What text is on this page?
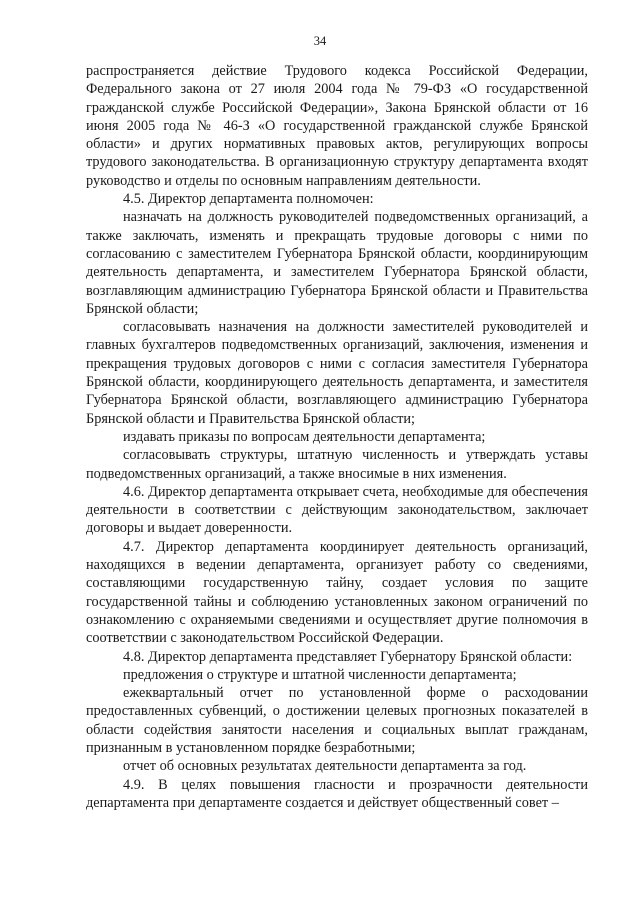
34

распространяется действие Трудового кодекса Российской Федерации, Федерального закона от 27 июля 2004 года № 79-ФЗ «О государственной гражданской службе Российской Федерации», Закона Брянской области от 16 июня 2005 года № 46-З «О государственной гражданской службе Брянской области» и других нормативных правовых актов, регулирующих вопросы трудового законодательства. В организационную структуру департамента входят руководство и отделы по основным направлениям деятельности.

4.5. Директор департамента полномочен:

назначать на должность руководителей подведомственных организаций, а также заключать, изменять и прекращать трудовые договоры с ними по согласованию с заместителем Губернатора Брянской области, координирующим деятельность департамента, и заместителем Губернатора Брянской области, возглавляющим администрацию Губернатора Брянской области и Правительства Брянской области;

согласовывать назначения на должности заместителей руководителей и главных бухгалтеров подведомственных организаций, заключения, изменения и прекращения трудовых договоров с ними с согласия заместителя Губернатора Брянской области, координирующего деятельность департамента, и заместителя Губернатора Брянской области, возглавляющего администрацию Губернатора Брянской области и Правительства Брянской области;

издавать приказы по вопросам деятельности департамента;

согласовывать структуры, штатную численность и утверждать уставы подведомственных организаций, а также вносимые в них изменения.

4.6. Директор департамента открывает счета, необходимые для обеспечения деятельности в соответствии с действующим законодательством, заключает договоры и выдает доверенности.

4.7. Директор департамента координирует деятельность организаций, находящихся в ведении департамента, организует работу со сведениями, составляющими государственную тайну, создает условия по защите государственной тайны и соблюдению установленных законом ограничений по ознакомлению с охраняемыми сведениями и осуществляет другие полномочия в соответствии с законодательством Российской Федерации.

4.8. Директор департамента представляет Губернатору Брянской области:

предложения о структуре и штатной численности департамента;

ежеквартальный отчет по установленной форме о расходовании предоставленных субвенций, о достижении целевых прогнозных показателей в области содействия занятости населения и социальных выплат гражданам, признанным в установленном порядке безработными;

отчет об основных результатах деятельности департамента за год.

4.9. В целях повышения гласности и прозрачности деятельности департамента при департаменте создается и действует общественный совет –
